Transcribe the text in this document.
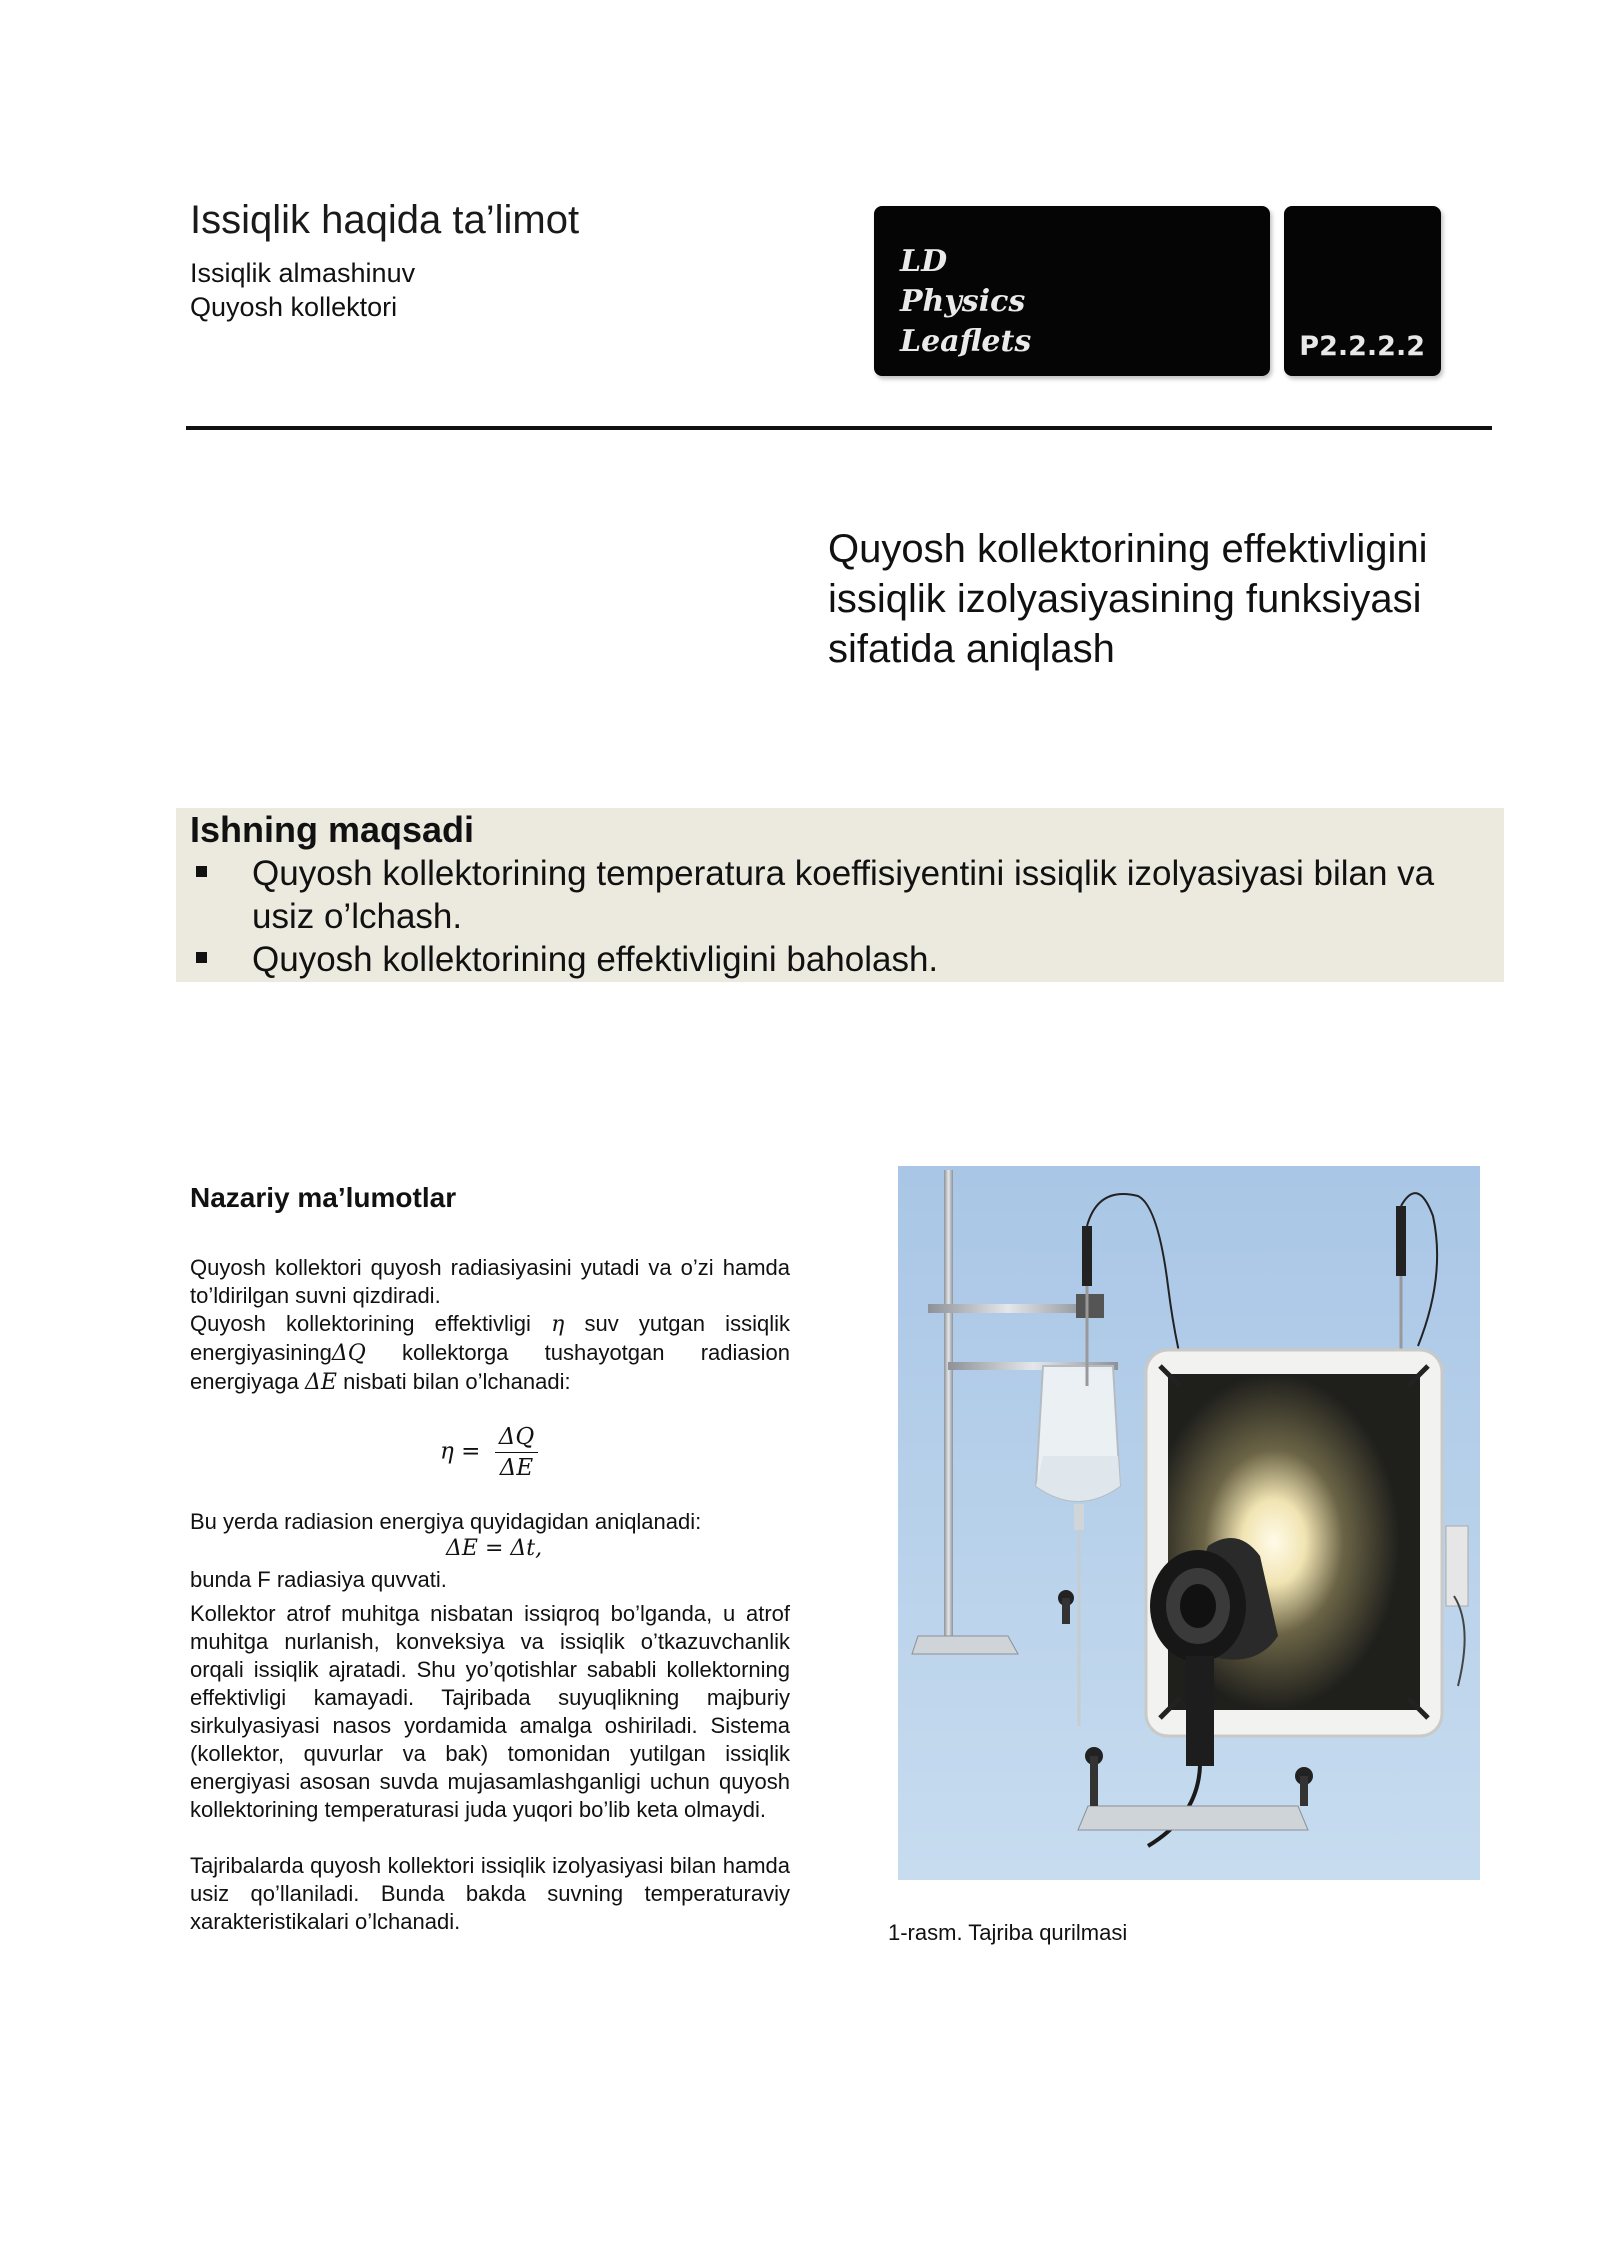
Issiqlik haqida ta’limot
Issiqlik almashinuv
Quyosh kollektori
LD
Physics
Leaflets	P2.2.2.2
Quyosh kollektorining effektivligini issiqlik izolyasiyasining funksiyasi sifatida aniqlash
Ishning maqsadi
Quyosh kollektorining temperatura koeffisiyentini issiqlik izolyasiyasi bilan va usiz o’lchash.
Quyosh kollektorining effektivligini baholash.
Nazariy ma’lumotlar
Quyosh kollektori quyosh radiasiyasini yutadi va o’zi hamda to’ldirilgan suvni qizdiradi.
Quyosh kollektorining effektivligi η suv yutgan issiqlik energiyasiningΔQ kollektorga tushayotgan radiasion energiyaga ΔE nisbati bilan o’lchanadi:
$\eta = \frac{\Delta Q}{\Delta E}$
Bu yerda radiasion energiya quyidagidan aniqlanadi:
ΔE = Δt,
bunda F radiasiya quvvati.
Kollektor atrof muhitga nisbatan issiqroq bo’lganda, u atrof muhitga nurlanish, konveksiya va issiqlik o’tkazuvchanlik orqali issiqlik ajratadi. Shu yo’qotishlar sababli kollektorning effektivligi kamayadi. Tajribada suyuqlikning majburiy sirkulyasiyasi nasos yordamida amalga oshiriladi. Sistema (kollektor, quvurlar va bak) tomonidan yutilgan issiqlik energiyasi asosan suvda mujasamlashganligi uchun quyosh kollektorining temperaturasi juda yuqori bo’lib keta olmaydi.
Tajribalarda quyosh kollektori issiqlik izolyasiyasi bilan hamda usiz qo’llaniladi. Bunda bakda suvning temperaturaviy xarakteristikalari o’lchanadi.	1-rasm. Tajriba qurilmasi
